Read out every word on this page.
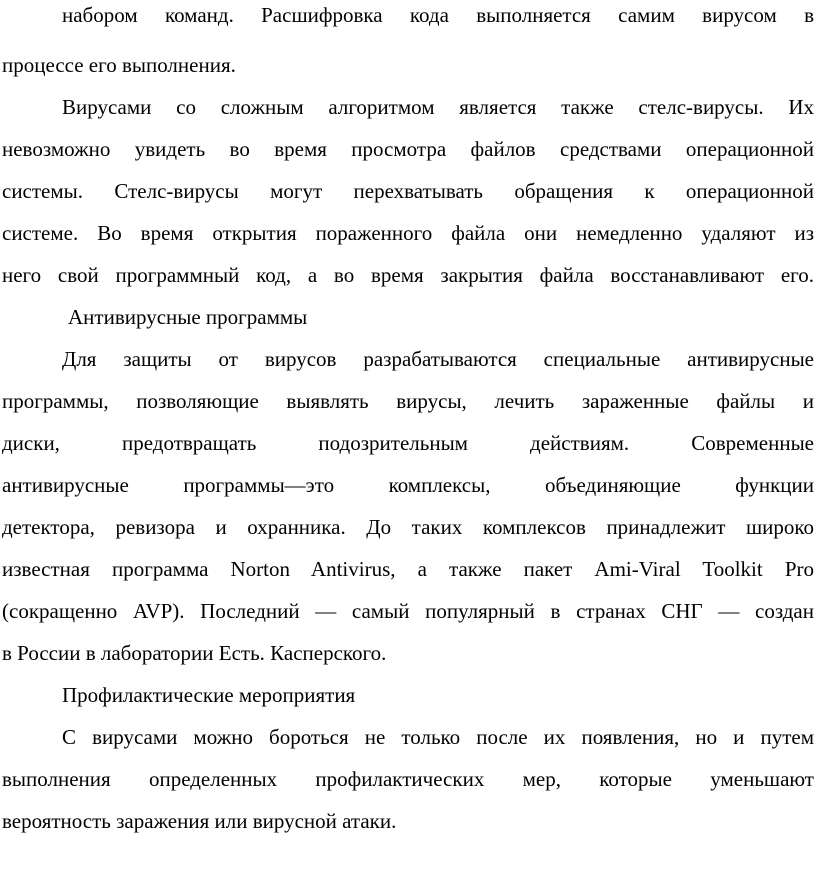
набором команд. Расшифровка кода выполняется самим вирусом в
процессе его выполнения.
Вирусами со сложным алгоритмом является также стелс-вирусы. Их
невозможно увидеть во время просмотра файлов средствами операционной
системы. Стелс-вирусы могут перехватывать обращения к операционной
системе. Во время открытия пораженного файла они немедленно удаляют из
него свой программный код, а во время закрытия файла восстанавливают его.
Антивирусные программы
Для защиты от вирусов разрабатываются специальные антивирусные
программы, позволяющие выявлять вирусы, лечить зараженные файлы и
диски, предотвращать подозрительным действиям. Современные
антивирусные программы—это комплексы, объединяющие функции
детектора, ревизора и охранника. До таких комплексов принадлежит широко
известная программа Norton Antivirus, а также пакет Ami‑Viral Toolkit Pro
(сокращенно AVP). Последний — самый популярный в странах СНГ — создан
в России в лаборатории Есть. Касперского.
Профилактические мероприятия
С вирусами можно бороться не только после их появления, но и путем
выполнения определенных профилактических мер, которые уменьшают
вероятность заражения или вирусной атаки.
